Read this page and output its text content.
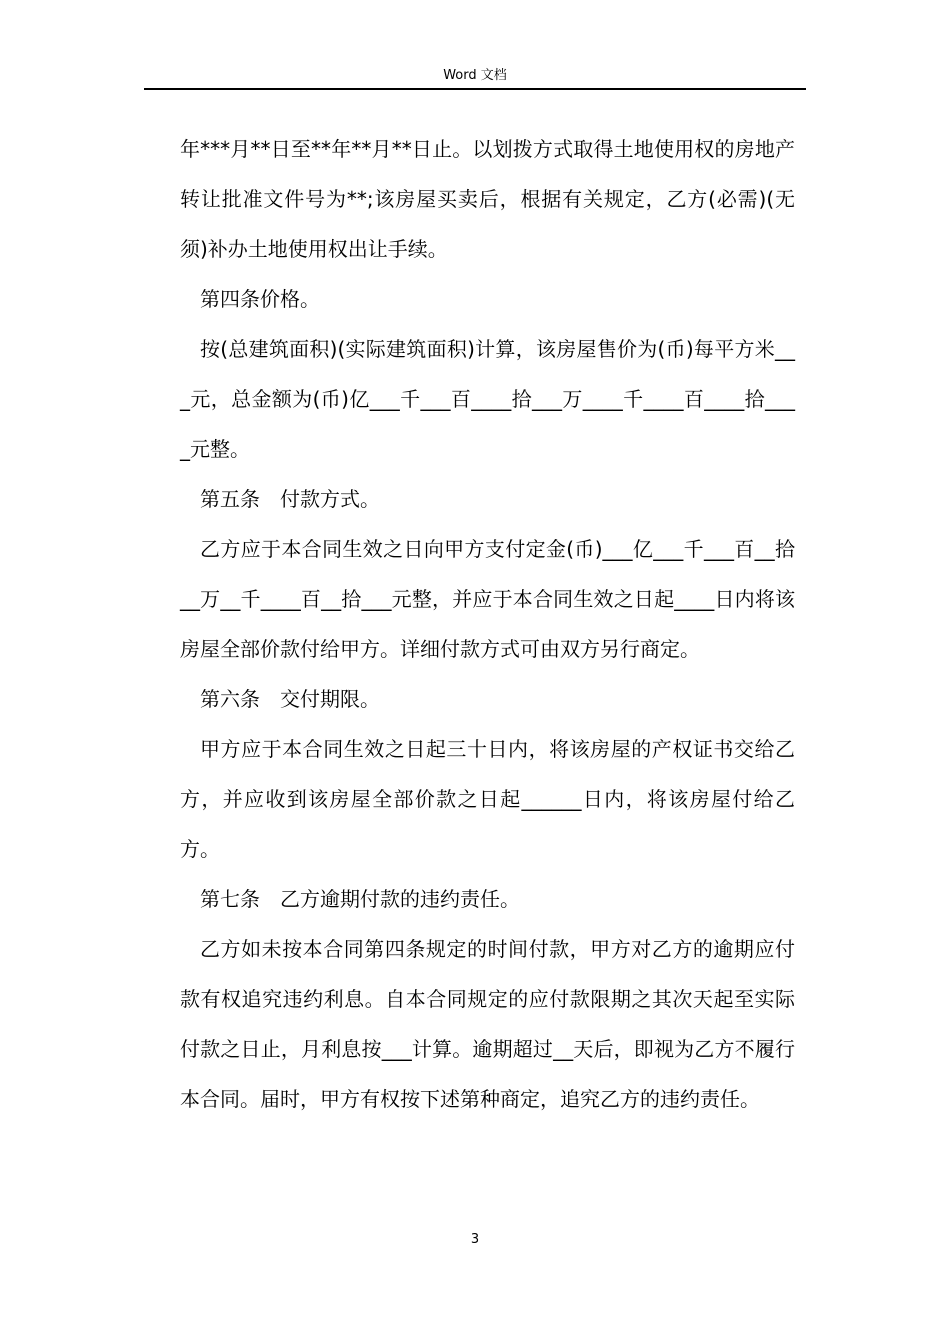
Word 文档

年***月**日至**年**月**日止。以划拨方式取得土地使用权的房地产转让批准文件号为**;该房屋买卖后，根据有关规定，乙方(必需)(无须)补办土地使用权出让手续。

第四条价格。

按(总建筑面积)(实际建筑面积)计算，该房屋售价为(币)每平方米___元，总金额为(币)亿___千___百____拾___万____千____百____拾____元整。

第五条　付款方式。

乙方应于本合同生效之日向甲方支付定金(币)___亿___千___百__拾__万__千____百__拾___元整，并应于本合同生效之日起____日内将该房屋全部价款付给甲方。详细付款方式可由双方另行商定。

第六条　交付期限。

甲方应于本合同生效之日起三十日内，将该房屋的产权证书交给乙方，并应收到该房屋全部价款之日起______日内，将该房屋付给乙方。

第七条　乙方逾期付款的违约责任。

乙方如未按本合同第四条规定的时间付款，甲方对乙方的逾期应付款有权追究违约利息。自本合同规定的应付款限期之其次天起至实际付款之日止，月利息按___计算。逾期超过__天后，即视为乙方不履行本合同。届时，甲方有权按下述第种商定，追究乙方的违约责任。

3
